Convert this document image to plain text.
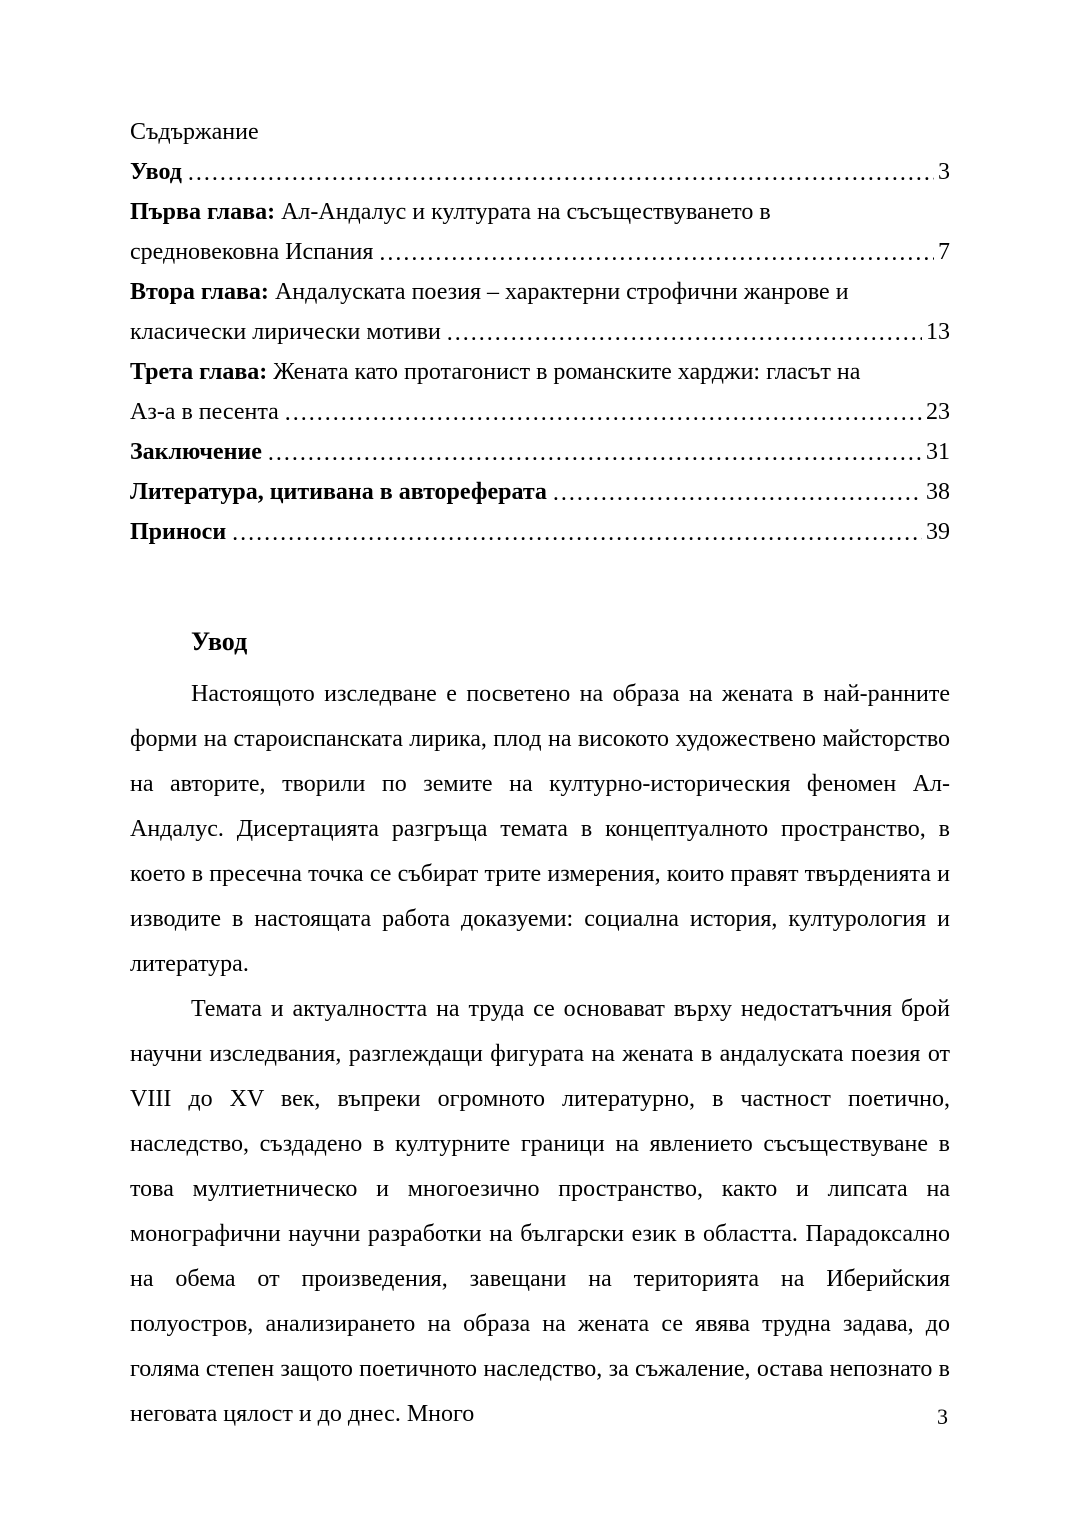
Съдържание
Увод .....	3
Първа глава: Ал-Андалус и културата на съсъществуването в
средновековна Испания .....	7
Втора глава: Андалуската поезия – характерни строфични жанрове и
класически лирически мотиви .....	13
Трета глава: Жената като протагонист в романските харджи: гласът на
Аз-а в песента .....	23
Заключение .....	31
Литература, цитивана в автореферата .....	38
Приноси .....	39
Увод

Настоящото изследване е посветено на образа на жената в най-ранните форми на староиспанската лирика, плод на високото художествено майсторство на авторите, творили по земите на културно-историческия феномен Ал-Андалус. Дисертацията разгръща темата в концептуалното пространство, в което в пресечна точка се събират трите измерения, които правят твърденията и изводите в настоящата работа доказуеми: социална история, културология и литература.

Темата и актуалността на труда се основават върху недостатъчния брой научни изследвания, разглеждащи фигурата на жената в андалуската поезия от VIII до XV век, въпреки огромното литературно, в частност поетично, наследство, създадено в културните граници на явлението съсъществуване в това мултиетническо и многоезично пространство, както и липсата на монографични научни разработки на български език в областта. Парадоксално на обема от произведения, завещани на територията на Иберийския полуостров, анализирането на образа на жената се явява трудна задава, до голяма степен защото поетичното наследство, за съжаление, остава непознато в неговата цялост и до днес. Много	3
